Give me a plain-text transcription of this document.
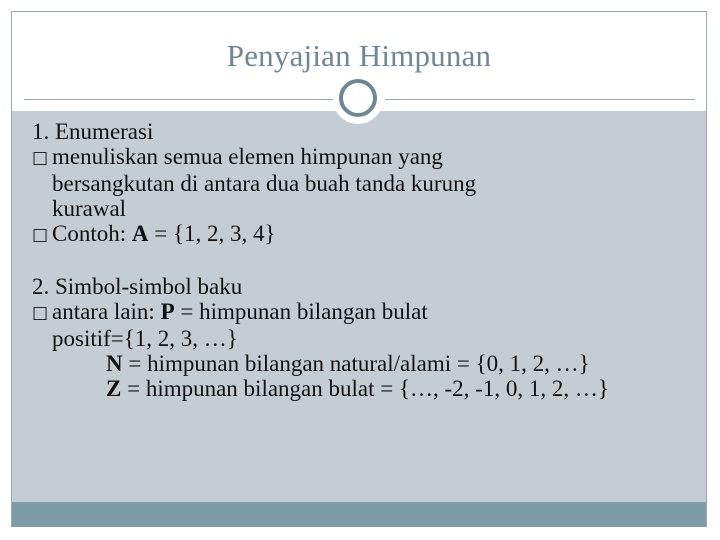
Penyajian Himpunan
1. Enumerasi
□ menuliskan semua elemen himpunan yang
bersangkutan di antara dua buah tanda kurung
kurawal
□ Contoh: A = {1, 2, 3, 4}
2. Simbol-simbol baku
□ antara lain: P = himpunan bilangan bulat
positif={1, 2, 3, …}
N = himpunan bilangan natural/alami = {0, 1, 2, …}
Z = himpunan bilangan bulat = {…, -2, -1, 0, 1, 2, …}
